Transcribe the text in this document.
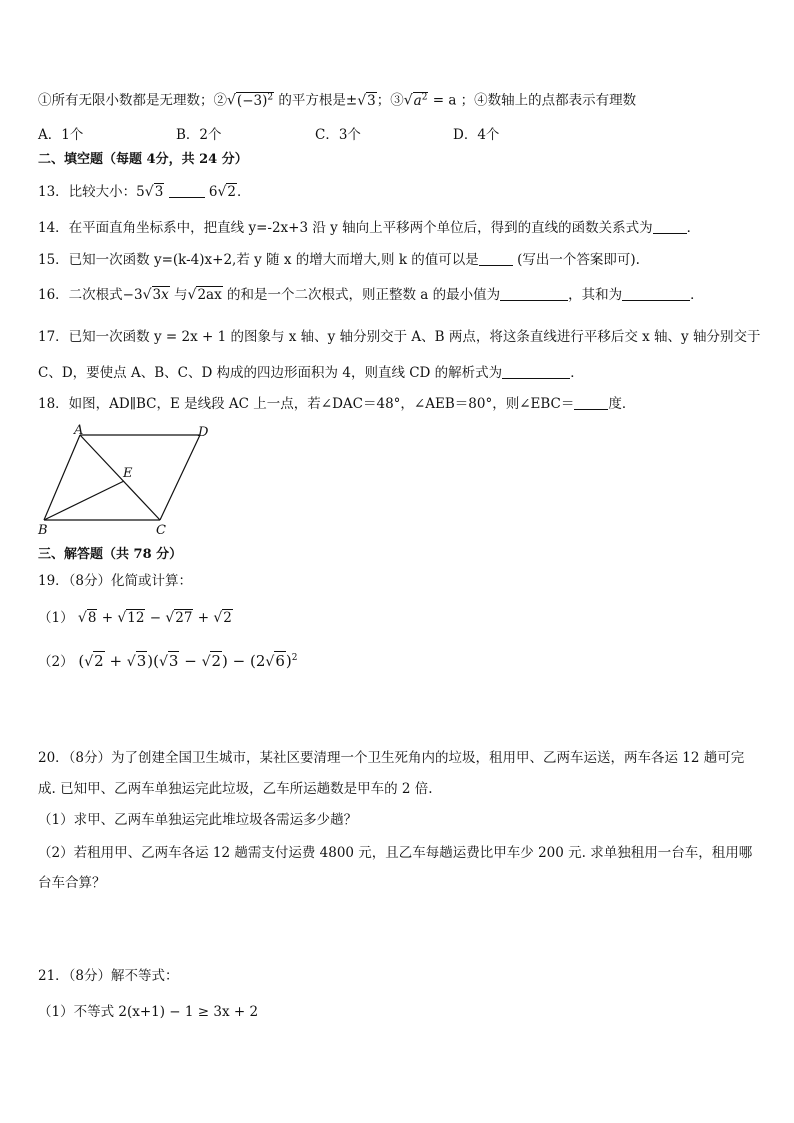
①所有无限小数都是无理数；$②√(-3)^2$ 的平方根是±√3；$③√a^2 = a$ ；④数轴上的点都表示有理数
A．1个	B．2个	C．3个	D．4个
二、填空题（每题 4分，共 24 分）
13．比较大小：5√3	6√2．
14．在平面直角坐标系中，把直线 y=-2x+3 沿 y 轴向上平移两个单位后，得到的直线的函数关系式为	．
15．已知一次函数 y=(k-4)x+2,若 y 随 x 的增大而增大,则 k 的值可以是	(写出一个答案即可).
16．二次根式−3√3x 与√2ax 的和是一个二次根式，则正整数 a 的最小值为	，其和为	．
17．已知一次函数 y = 2x + 1 的图象与 x 轴、y 轴分别交于 A、B 两点，将这条直线进行平移后交 x 轴、y 轴分别交于
C、D，要使点 A、B、C、D 构成的四边形面积为 4，则直线 CD 的解析式为	．
18．如图，AD∥BC，E 是线段 AC 上一点，若∠DAC＝48°，∠AEB＝80°，则∠EBC＝	度．
A	D
E
B	C
三、解答题（共 78 分）
19．（8分）化简或计算：
（1） √8 + √12 − √27 + √2
（2） $(√2 + √3)(√3 - √2) - (2√6)^2$
20．（8分）为了创建全国卫生城市，某社区要清理一个卫生死角内的垃圾，租用甲、乙两车运送，两车各运 12 趟可完
成. 已知甲、乙两车单独运完此垃圾，乙车所运趟数是甲车的 2 倍.
（1）求甲、乙两车单独运完此堆垃圾各需运多少趟？
（2）若租用甲、乙两车各运 12 趟需支付运费 4800 元，且乙车每趟运费比甲车少 200 元. 求单独租用一台车，租用哪
台车合算？
21．（8分）解不等式：
（1）不等式 2(x+1) − 1 ≥ 3x + 2
